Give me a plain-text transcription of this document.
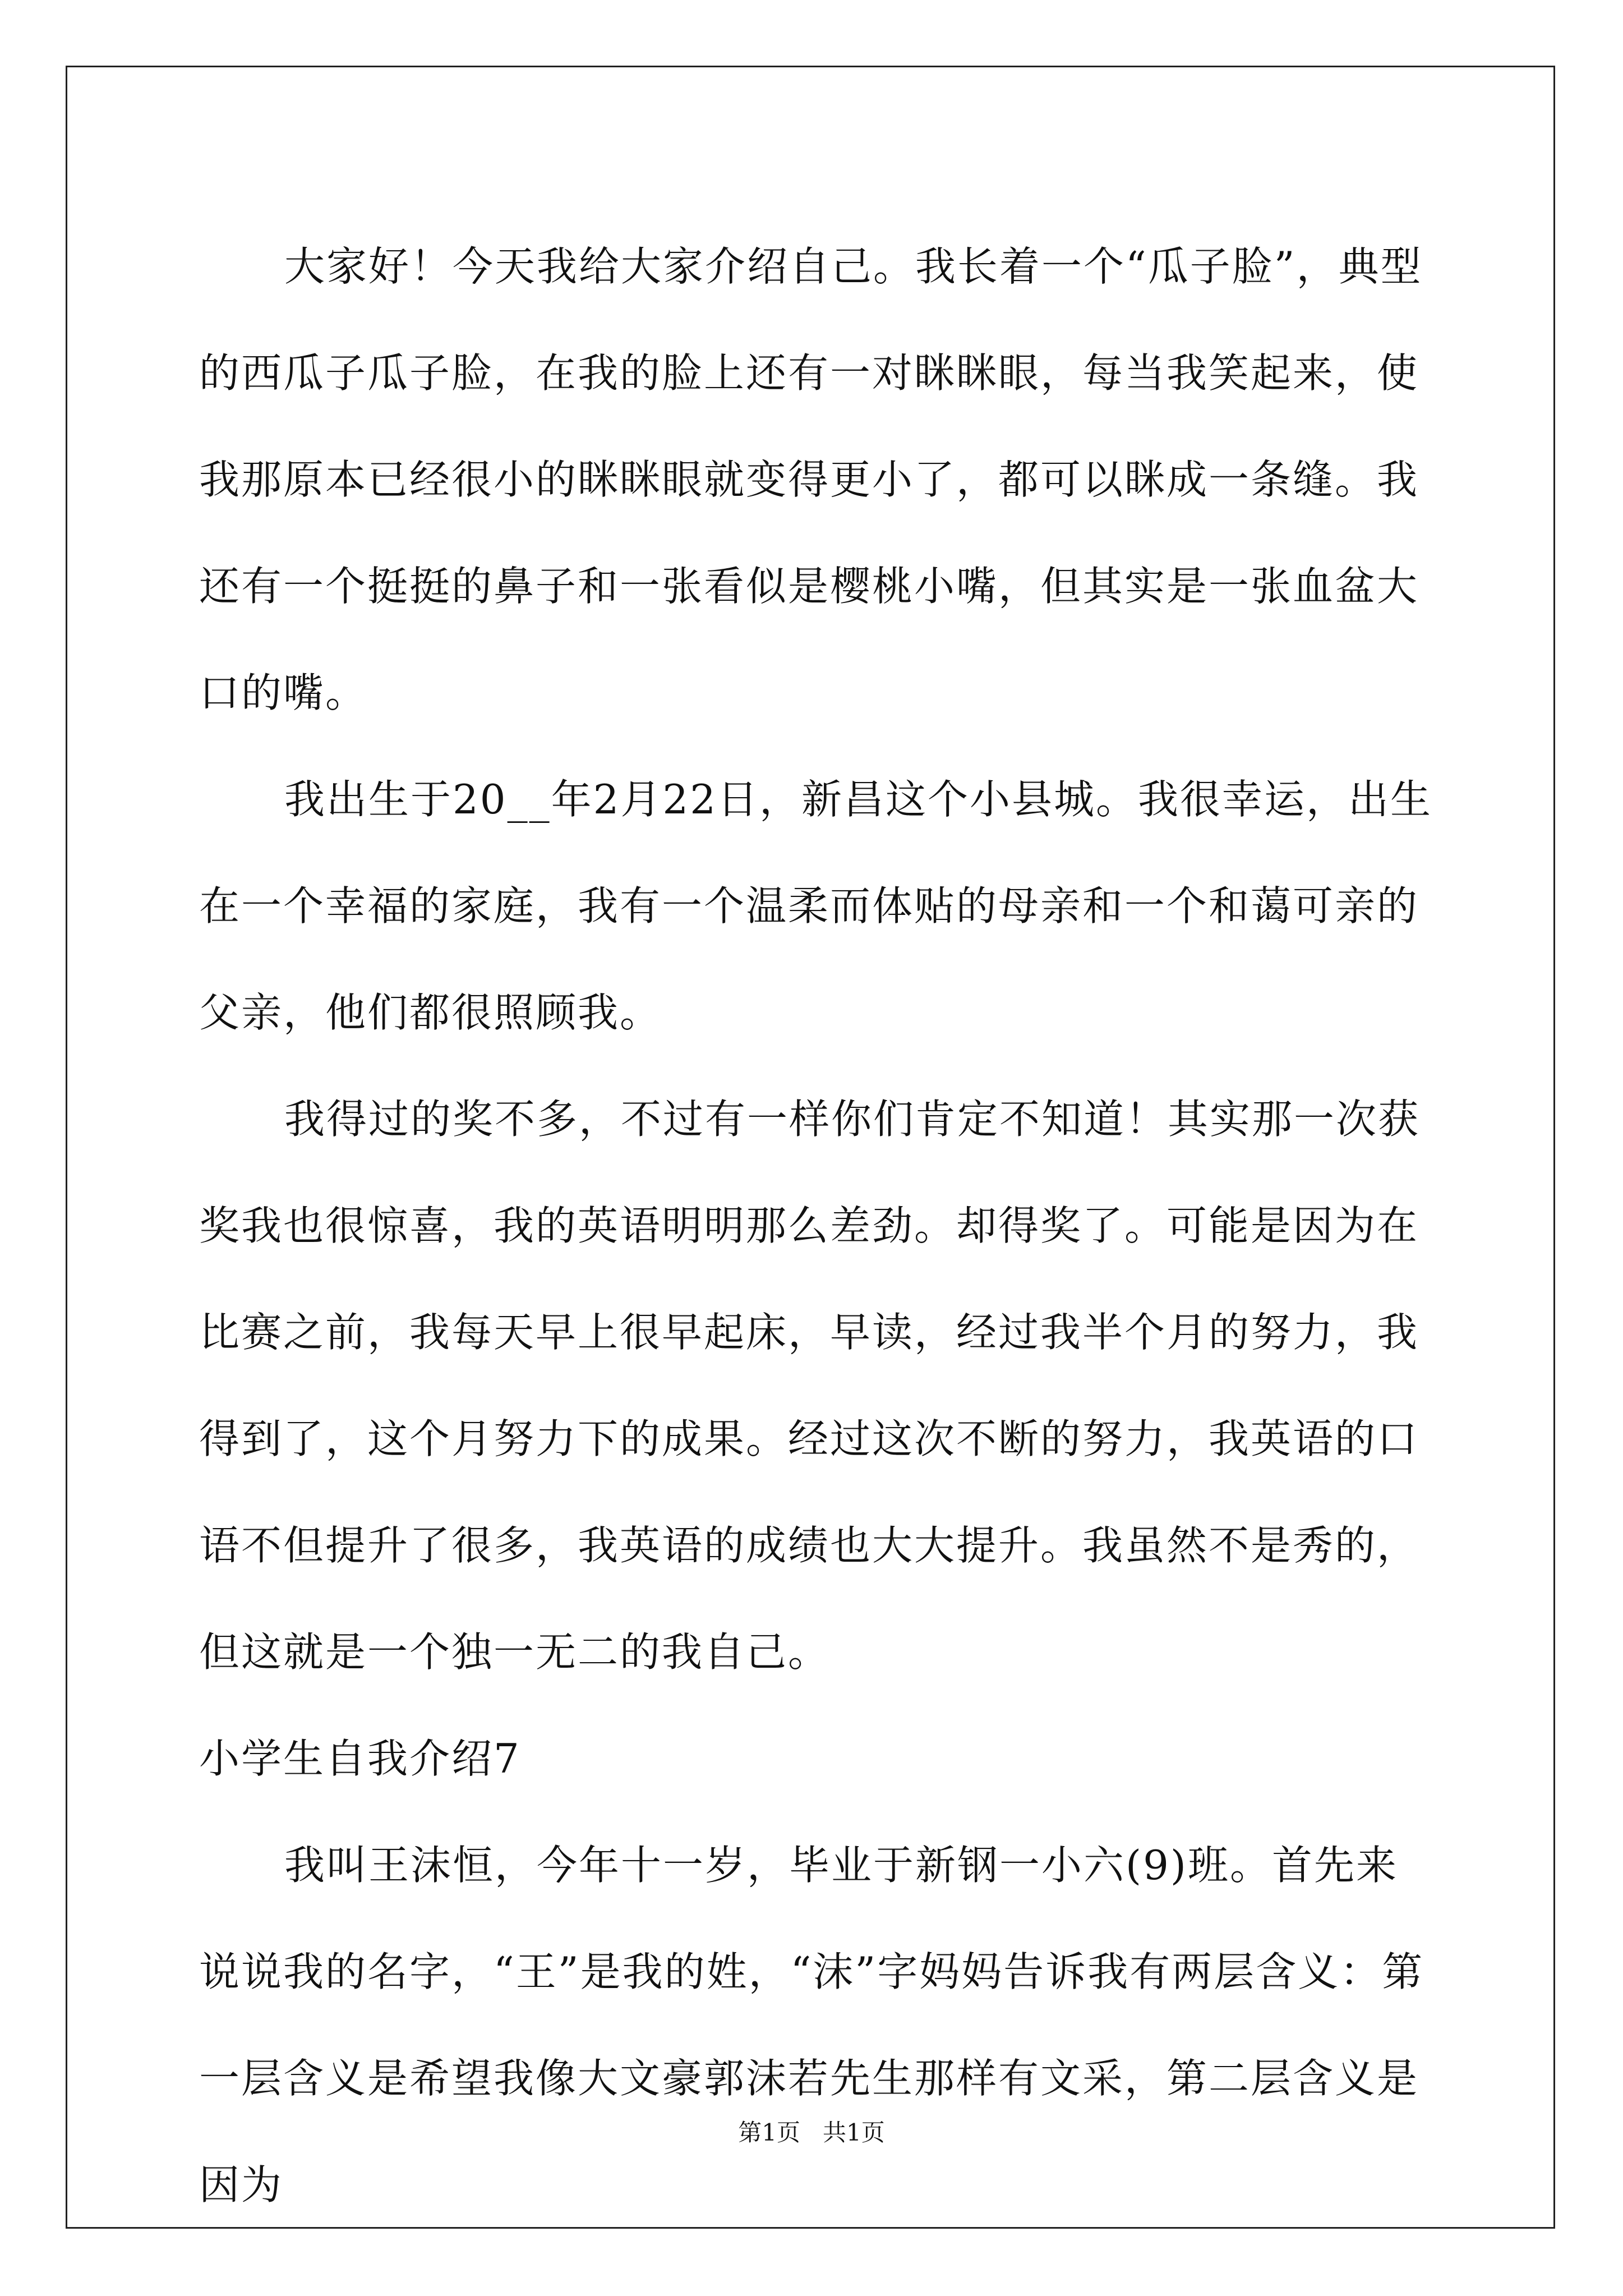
大家好！今天我给大家介绍自己。我长着一个“瓜子脸”，典型的西瓜子瓜子脸，在我的脸上还有一对眯眯眼，每当我笑起来，使我那原本已经很小的眯眯眼就变得更小了，都可以眯成一条缝。我还有一个挺挺的鼻子和一张看似是樱桃小嘴，但其实是一张血盆大口的嘴。

我出生于20__年2月22日，新昌这个小县城。我很幸运，出生在一个幸福的家庭，我有一个温柔而体贴的母亲和一个和蔼可亲的父亲，他们都很照顾我。

我得过的奖不多，不过有一样你们肯定不知道！其实那一次获奖我也很惊喜，我的英语明明那么差劲。却得奖了。可能是因为在比赛之前，我每天早上很早起床，早读，经过我半个月的努力，我得到了，这个月努力下的成果。经过这次不断的努力，我英语的口语不但提升了很多，我英语的成绩也大大提升。我虽然不是秀的，但这就是一个独一无二的我自己。

小学生自我介绍7

我叫王沫恒，今年十一岁，毕业于新钢一小六(9)班。首先来说说我的名字，“王”是我的姓，“沫”字妈妈告诉我有两层含义：第一层含义是希望我像大文豪郭沫若先生那样有文采，第二层含义是因为

第1页 共1页
